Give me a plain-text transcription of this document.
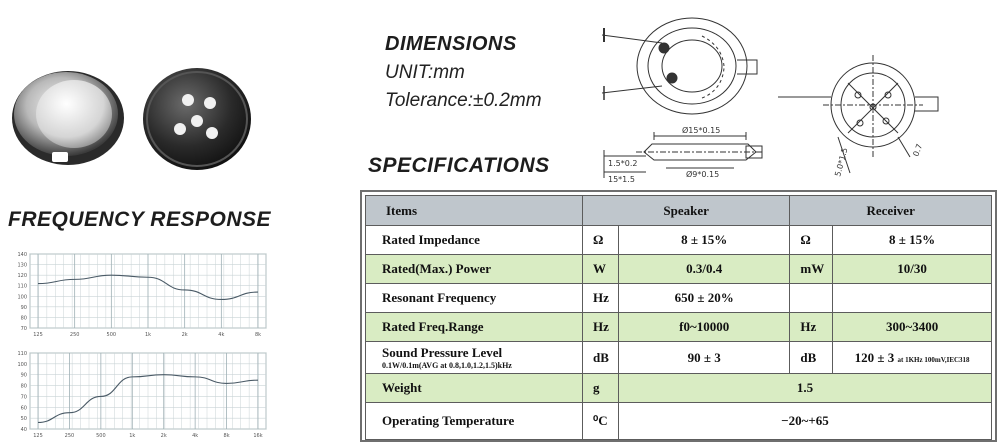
FREQUENCY RESPONSE
140
130
120
110
100
90
80
70
125	250	500	1k	2k	4k	8k
110
100
90
80
70
60
50
40
125	250	500	1k	2k	4k	8k	16k
DIMENSIONS
UNIT:mm
Tolerance:±0.2mm
Ø15*0.15
Ø9*0.15
1.5*0.2
15*1.5
5.0*1.5	0.7
SPECIFICATIONS
Items	Speaker		Receiver	
Rated Impedance	Ω	8 ± 15%	Ω	8 ± 15%
Rated(Max.) Power	W	0.3/0.4	mW	10/30
Resonant Frequency	Hz	650 ± 20%		
Rated Freq.Range	Hz	f0~10000	Hz	300~3400
Sound Pressure Level
0.1W/0.1m(AVG at 0.8,1.0,1.2,1.5)kHz	dB	90 ± 3	dB	120 ± 3 at 1KHz 100mV,IEC318
Weight	g	1.5		
Operating Temperature	⁰C	−20~+65		
